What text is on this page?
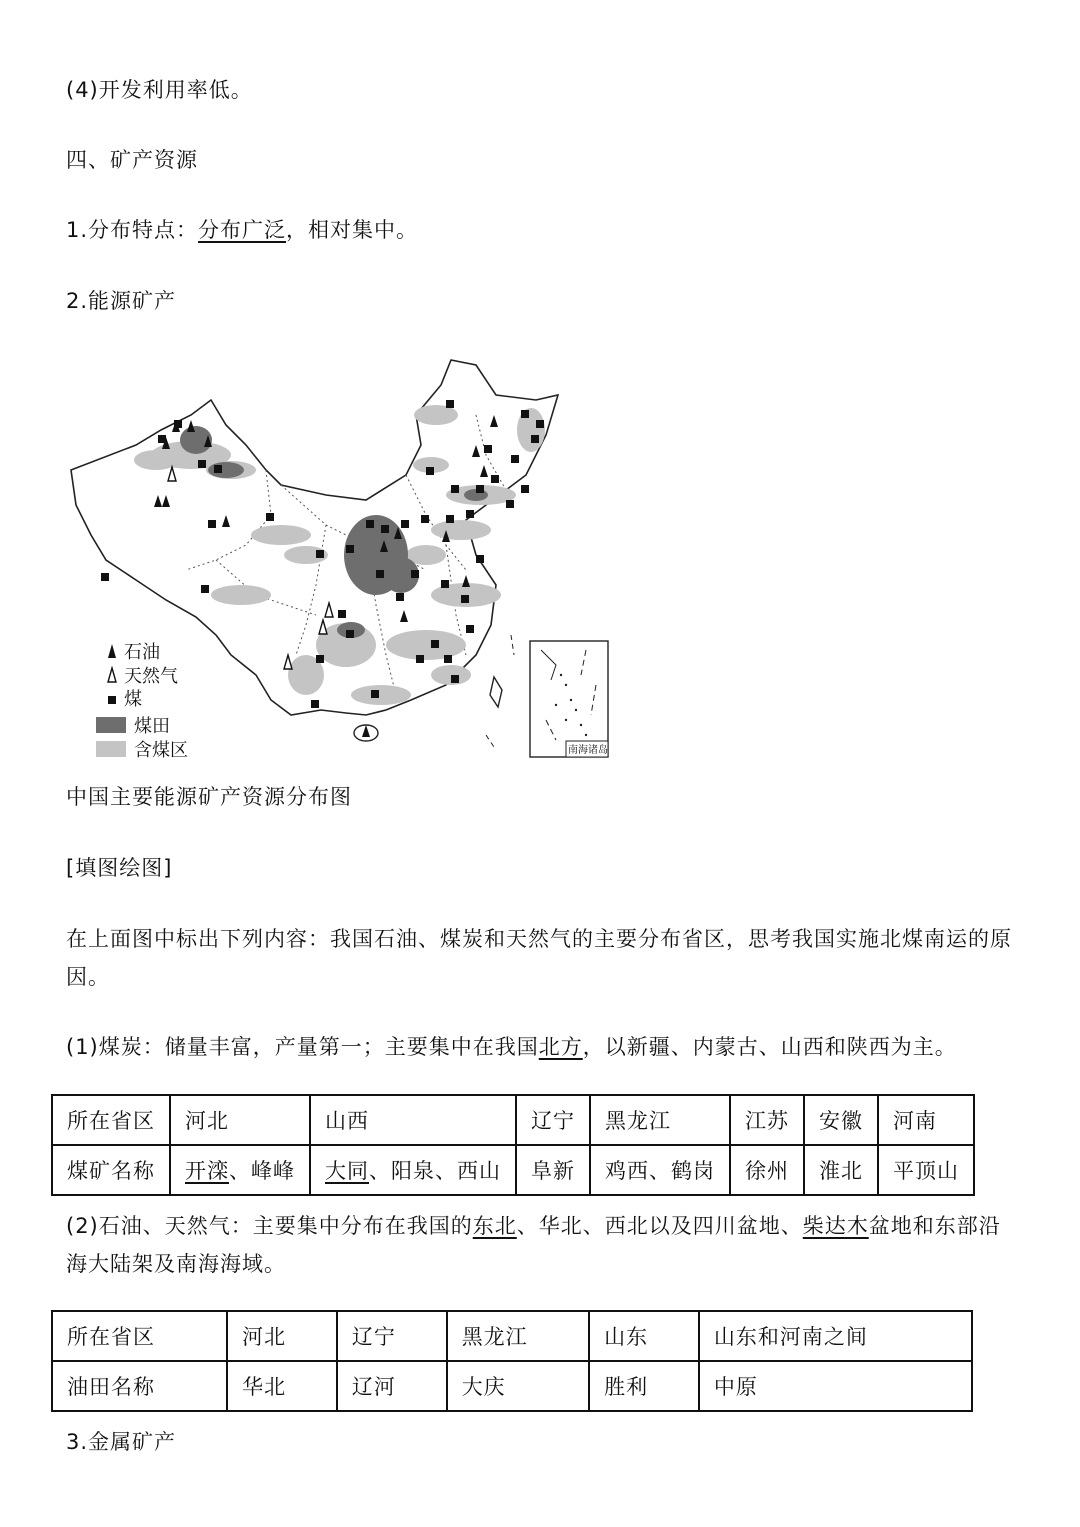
(4)开发利用率低。
四、矿产资源
1.分布特点：分布广泛，相对集中。
2.能源矿产
石油
天然气
煤
煤田
含煤区	南海诸岛
中国主要能源矿产资源分布图
[填图绘图]
在上面图中标出下列内容：我国石油、煤炭和天然气的主要分布省区，思考我国实施北煤南运的原因。
(1)煤炭：储量丰富，产量第一；主要集中在我国北方，以新疆、内蒙古、山西和陕西为主。
所在省区	河北	山西	辽宁	黑龙江	江苏	安徽	河南
煤矿名称	开滦、峰峰	大同、阳泉、西山	阜新	鸡西、鹤岗	徐州	淮北	平顶山
(2)石油、天然气：主要集中分布在我国的东北、华北、西北以及四川盆地、柴达木盆地和东部沿海大陆架及南海海域。
所在省区	河北	辽宁	黑龙江	山东	山东和河南之间
油田名称	华北	辽河	大庆	胜利	中原
3.金属矿产
